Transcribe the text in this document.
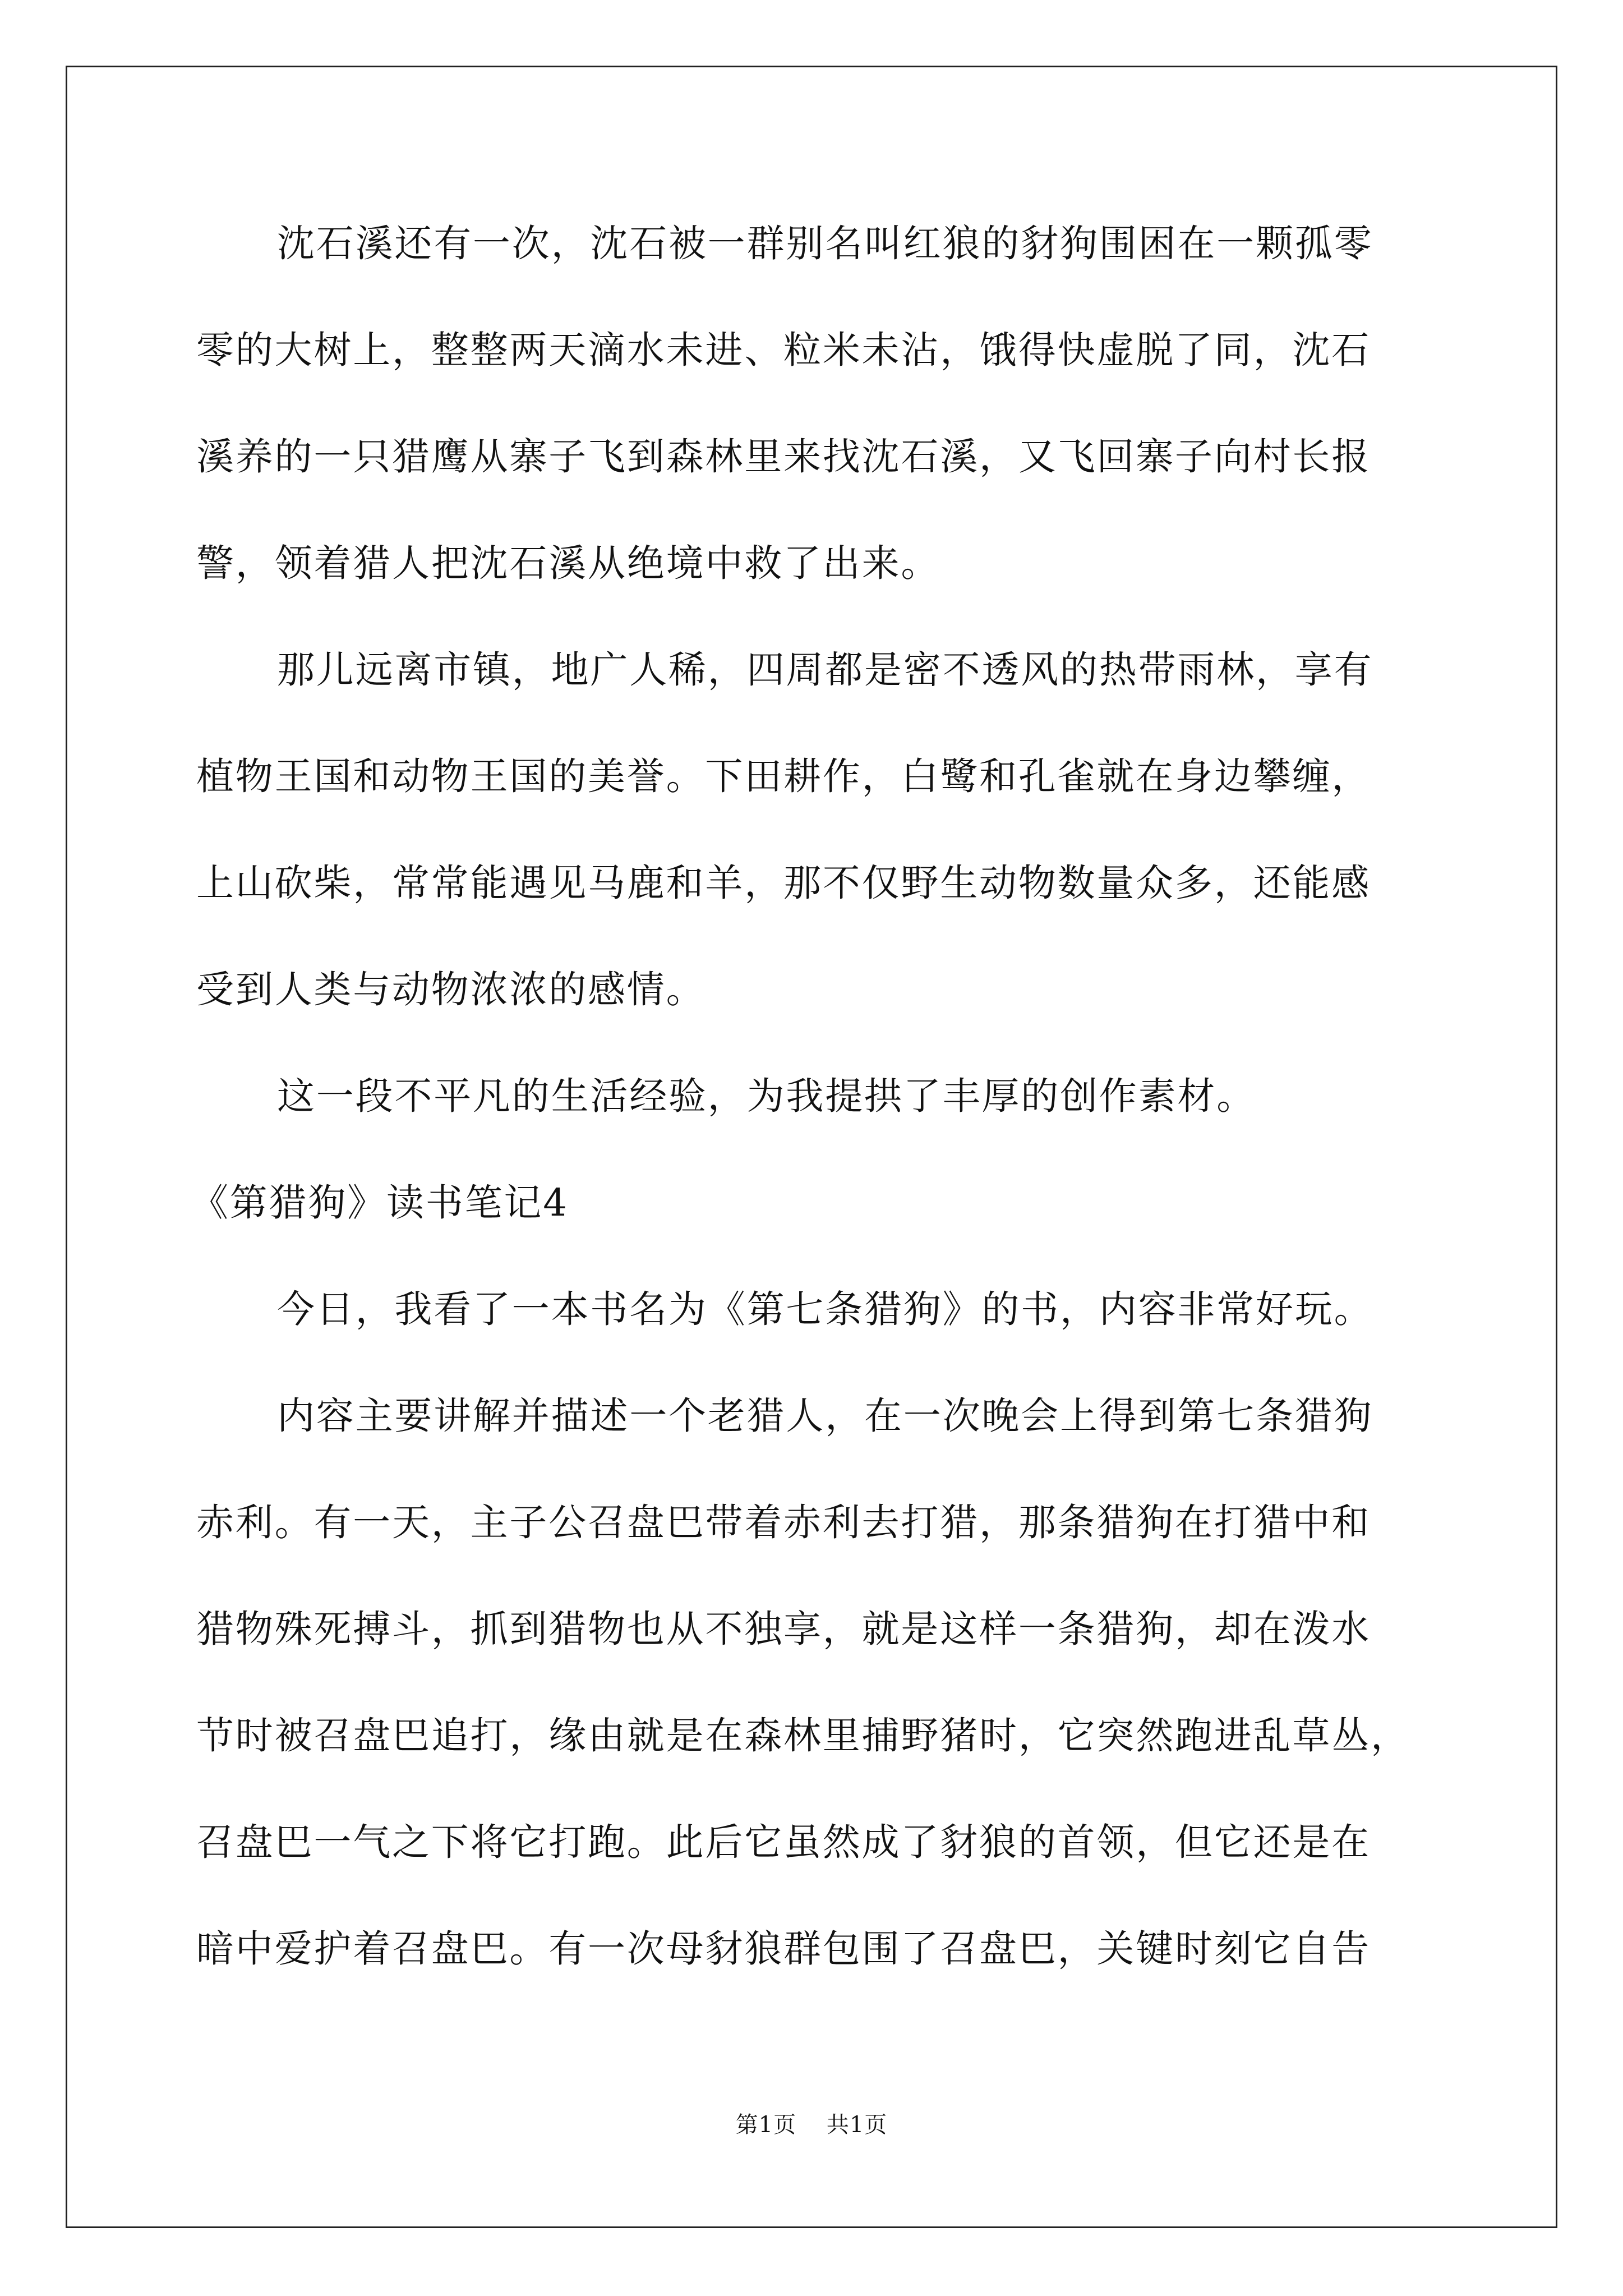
沈石溪还有一次，沈石被一群别名叫红狼的豺狗围困在一颗孤零
零的大树上，整整两天滴水未进、粒米未沾，饿得快虚脱了同，沈石
溪养的一只猎鹰从寨子飞到森林里来找沈石溪，又飞回寨子向村长报
警，领着猎人把沈石溪从绝境中救了出来。
那儿远离市镇，地广人稀，四周都是密不透风的热带雨林，享有
植物王国和动物王国的美誉。下田耕作，白鹭和孔雀就在身边攀缠，
上山砍柴，常常能遇见马鹿和羊，那不仅野生动物数量众多，还能感
受到人类与动物浓浓的感情。
这一段不平凡的生活经验，为我提拱了丰厚的创作素材。
《第猎狗》读书笔记4
今日，我看了一本书名为《第七条猎狗》的书，内容非常好玩。
内容主要讲解并描述一个老猎人，在一次晚会上得到第七条猎狗
赤利。有一天，主子公召盘巴带着赤利去打猎，那条猎狗在打猎中和
猎物殊死搏斗，抓到猎物也从不独享，就是这样一条猎狗，却在泼水
节时被召盘巴追打，缘由就是在森林里捕野猪时，它突然跑进乱草丛，
召盘巴一气之下将它打跑。此后它虽然成了豺狼的首领，但它还是在
暗中爱护着召盘巴。有一次母豺狼群包围了召盘巴，关键时刻它自告
第1页 共1页
